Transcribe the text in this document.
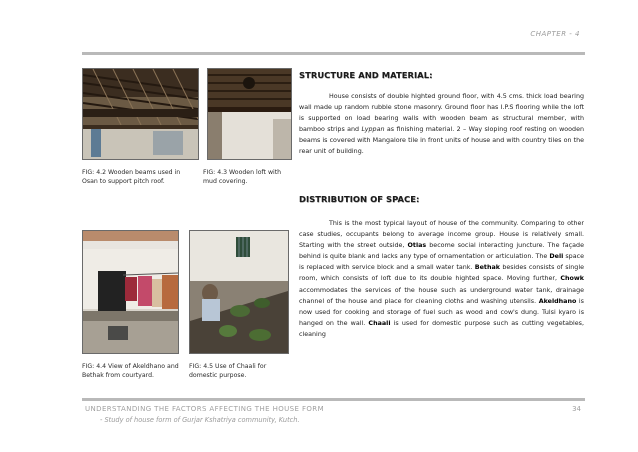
CHAPTER - 4
FIG: 4.2 Wooden beams used in Osan to support pitch roof.
FIG: 4.3 Wooden loft with mud covering.
FIG: 4.4 View of Akeldhano and Bethak from courtyard.
FIG: 4.5 Use of Chaali for domestic purpose.
STRUCTURE AND MATERIAL:
House consists of double highted ground floor, with 4.5 cms. thick load bearing wall made up random rubble stone masonry. Ground floor has I.P.S flooring while the loft is supported on load bearing walls with wooden beam as structural member, with bamboo strips and Lyppan as finishing material. 2 – Way sloping roof resting on wooden beams is covered with Mangalore tile in front units of house and with country tiles on the rear unit of building.
DISTRIBUTION OF SPACE:
This is the most typical layout of house of the community. Comparing to other case studies, occupants belong to average income group. House is relatively small. Starting with the street outside, Otlas become social interacting juncture. The façade behind is quite blank and lacks any type of ornamentation or articulation. The Deli space is replaced with service block and a small water tank. Bethak besides consists of single room, which consists of loft due to its double highted space. Moving further, Chowk accommodates the services of the house such as underground water tank, drainage channel of the house and place for cleaning cloths and washing utensils. Akeldhano is now used for cooking and storage of fuel such as wood and cow's dung. Tulsi kyaro is hanged on the wall. Chaali is used for domestic purpose such as cutting vegetables, cleaning
UNDERSTANDING THE FACTORS AFFECTING THE HOUSE FORM
- Study of house form of Gurjar Kshatriya community, Kutch.
34
